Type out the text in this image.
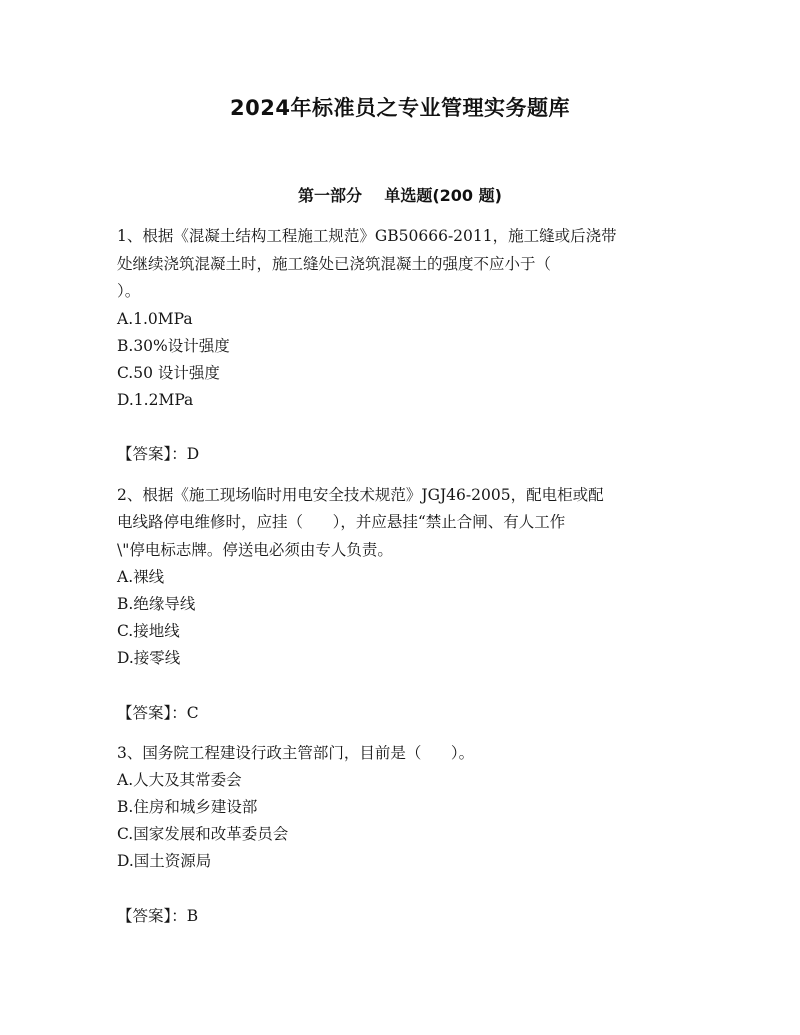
2024年标准员之专业管理实务题库
第一部分    单选题(200 题)
1、根据《混凝土结构工程施工规范》GB50666-2011，施工缝或后浇带
处继续浇筑混凝土时，施工缝处已浇筑混凝土的强度不应小于（
）。
A.1.0MPa
B.30%设计强度
C.50 设计强度
D.1.2MPa
【答案】：D
2、根据《施工现场临时用电安全技术规范》JGJ46-2005，配电柜或配
电线路停电维修时，应挂（      ），并应悬挂“禁止合闸、有人工作
\"停电标志牌。停送电必须由专人负责。
A.裸线
B.绝缘导线
C.接地线
D.接零线
【答案】：C
3、国务院工程建设行政主管部门，目前是（      ）。
A.人大及其常委会
B.住房和城乡建设部
C.国家发展和改革委员会
D.国土资源局
【答案】：B
